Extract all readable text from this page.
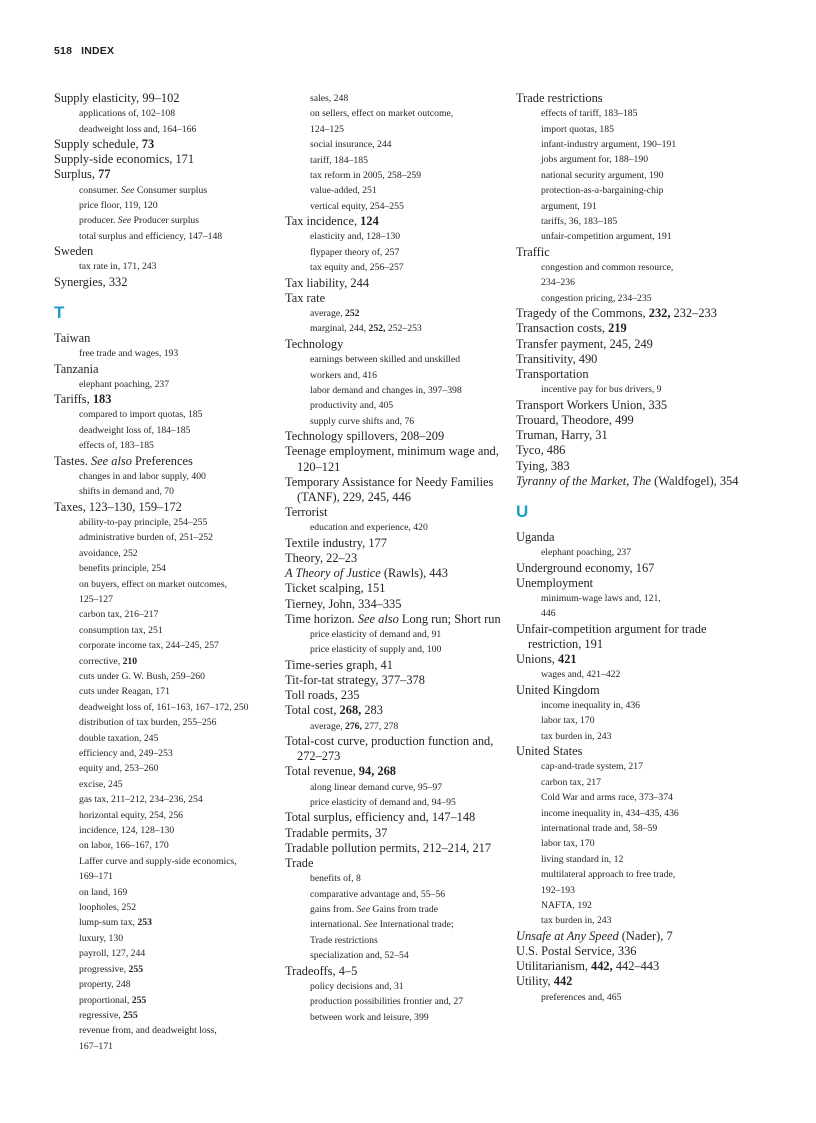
518 INDEX
Supply elasticity, 99–102
applications of, 102–108
deadweight loss and, 164–166
Supply schedule, 73
Supply-side economics, 171
Surplus, 77
consumer. See Consumer surplus
price floor, 119, 120
producer. See Producer surplus
total surplus and efficiency, 147–148
Sweden
tax rate in, 171, 243
Synergies, 332
T
Taiwan
free trade and wages, 193
Tanzania
elephant poaching, 237
Tariffs, 183
compared to import quotas, 185
deadweight loss of, 184–185
effects of, 183–185
Tastes. See also Preferences
changes in and labor supply, 400
shifts in demand and, 70
Taxes, 123–130, 159–172
ability-to-pay principle, 254–255
administrative burden of, 251–252
avoidance, 252
benefits principle, 254
on buyers, effect on market outcomes,
125–127
carbon tax, 216–217
consumption tax, 251
corporate income tax, 244–245, 257
corrective, 210
cuts under G. W. Bush, 259–260
cuts under Reagan, 171
deadweight loss of, 161–163, 167–172, 250
distribution of tax burden, 255–256
double taxation, 245
efficiency and, 249–253
equity and, 253–260
excise, 245
gas tax, 211–212, 234–236, 254
horizontal equity, 254, 256
incidence, 124, 128–130
on labor, 166–167, 170
Laffer curve and supply-side economics,
169–171
on land, 169
loopholes, 252
lump-sum tax, 253
luxury, 130
payroll, 127, 244
progressive, 255
property, 248
proportional, 255
regressive, 255
revenue from, and deadweight loss,
167–171
sales, 248
on sellers, effect on market outcome,
124–125
social insurance, 244
tariff, 184–185
tax reform in 2005, 258–259
value-added, 251
vertical equity, 254–255
Tax incidence, 124
elasticity and, 128–130
flypaper theory of, 257
tax equity and, 256–257
Tax liability, 244
Tax rate
average, 252
marginal, 244, 252, 252–253
Technology
earnings between skilled and unskilled
workers and, 416
labor demand and changes in, 397–398
productivity and, 405
supply curve shifts and, 76
Technology spillovers, 208–209
Teenage employment, minimum wage and, 120–121
Temporary Assistance for Needy Families (TANF), 229, 245, 446
Terrorist
education and experience, 420
Textile industry, 177
Theory, 22–23
A Theory of Justice (Rawls), 443
Ticket scalping, 151
Tierney, John, 334–335
Time horizon. See also Long run; Short run
price elasticity of demand and, 91
price elasticity of supply and, 100
Time-series graph, 41
Tit-for-tat strategy, 377–378
Toll roads, 235
Total cost, 268, 283
average, 276, 277, 278
Total-cost curve, production function and, 272–273
Total revenue, 94, 268
along linear demand curve, 95–97
price elasticity of demand and, 94–95
Total surplus, efficiency and, 147–148
Tradable permits, 37
Tradable pollution permits, 212–214, 217
Trade
benefits of, 8
comparative advantage and, 55–56
gains from. See Gains from trade
international. See International trade;
Trade restrictions
specialization and, 52–54
Tradeoffs, 4–5
policy decisions and, 31
production possibilities frontier and, 27
between work and leisure, 399
Trade restrictions
effects of tariff, 183–185
import quotas, 185
infant-industry argument, 190–191
jobs argument for, 188–190
national security argument, 190
protection-as-a-bargaining-chip
argument, 191
tariffs, 36, 183–185
unfair-competition argument, 191
Traffic
congestion and common resource,
234–236
congestion pricing, 234–235
Tragedy of the Commons, 232, 232–233
Transaction costs, 219
Transfer payment, 245, 249
Transitivity, 490
Transportation
incentive pay for bus drivers, 9
Transport Workers Union, 335
Trouard, Theodore, 499
Truman, Harry, 31
Tyco, 486
Tying, 383
Tyranny of the Market, The (Waldfogel), 354
U
Uganda
elephant poaching, 237
Underground economy, 167
Unemployment
minimum-wage laws and, 121,
446
Unfair-competition argument for trade restriction, 191
Unions, 421
wages and, 421–422
United Kingdom
income inequality in, 436
labor tax, 170
tax burden in, 243
United States
cap-and-trade system, 217
carbon tax, 217
Cold War and arms race, 373–374
income inequality in, 434–435, 436
international trade and, 58–59
labor tax, 170
living standard in, 12
multilateral approach to free trade,
192–193
NAFTA, 192
tax burden in, 243
Unsafe at Any Speed (Nader), 7
U.S. Postal Service, 336
Utilitarianism, 442, 442–443
Utility, 442
preferences and, 465
